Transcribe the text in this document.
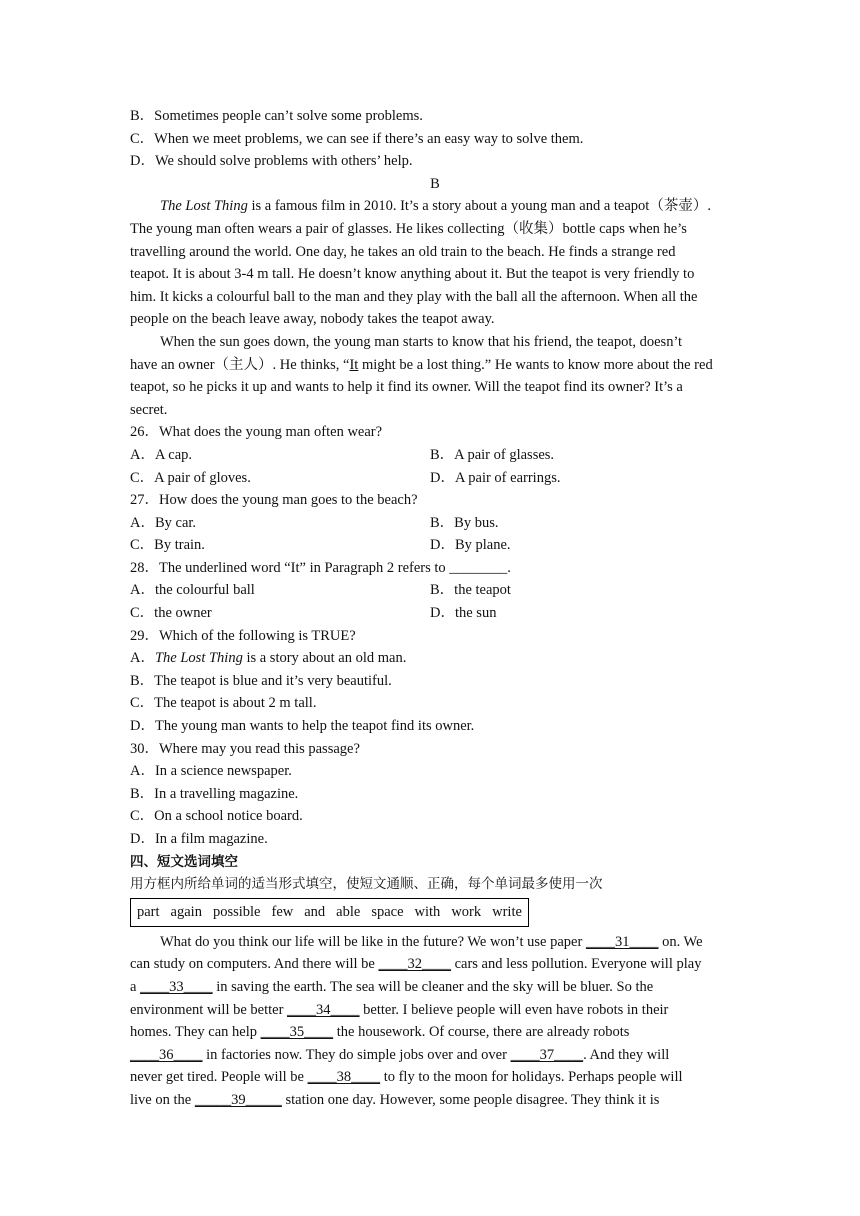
B．Sometimes people can’t solve some problems.
C．When we meet problems, we can see if there’s an easy way to solve them.
D．We should solve problems with others’ help.
B
The Lost Thing is a famous film in 2010. It’s a story about a young man and a teapot（茶壶）.
The young man often wears a pair of glasses. He likes collecting（收集）bottle caps when he’s
travelling around the world. One day, he takes an old train to the beach. He finds a strange red
teapot. It is about 3-4 m tall. He doesn’t know anything about it. But the teapot is very friendly to
him. It kicks a colourful ball to the man and they play with the ball all the afternoon. When all the
people on the beach leave away, nobody takes the teapot away.
When the sun goes down, the young man starts to know that his friend, the teapot, doesn’t
have an owner（主人）. He thinks, “It might be a lost thing.” He wants to know more about the red
teapot, so he picks it up and wants to help it find its owner. Will the teapot find its owner? It’s a
secret.
26．What does the young man often wear?
A．A cap.	B．A pair of glasses.
C．A pair of gloves.	D．A pair of earrings.
27．How does the young man goes to the beach?
A．By car.	B．By bus.
C．By train.	D．By plane.
28．The underlined word “It” in Paragraph 2 refers to ________.
A．the colourful ball	B．the teapot
C．the owner	D．the sun
29．Which of the following is TRUE?
A．The Lost Thing is a story about an old man.
B．The teapot is blue and it’s very beautiful.
C．The teapot is about 2 m tall.
D．The young man wants to help the teapot find its owner.
30．Where may you read this passage?
A．In a science newspaper.
B．In a travelling magazine.
C．On a school notice board.
D．In a film magazine.
四、短文选词填空
用方框内所给单词的适当形式填空，使短文通顺、正确，每个单词最多使用一次
part again possible few and able space with work write
What do you think our life will be like in the future? We won’t use paper ____31____ on. We
can study on computers. And there will be ____32____ cars and less pollution. Everyone will play
a ____33____ in saving the earth. The sea will be cleaner and the sky will be bluer. So the
environment will be better ____34____ better. I believe people will even have robots in their
homes. They can help ____35____ the housework. Of course, there are already robots
____36____ in factories now. They do simple jobs over and over ____37____. And they will
never get tired. People will be ____38____ to fly to the moon for holidays. Perhaps people will
live on the _____39_____ station one day. However, some people disagree. They think it is
